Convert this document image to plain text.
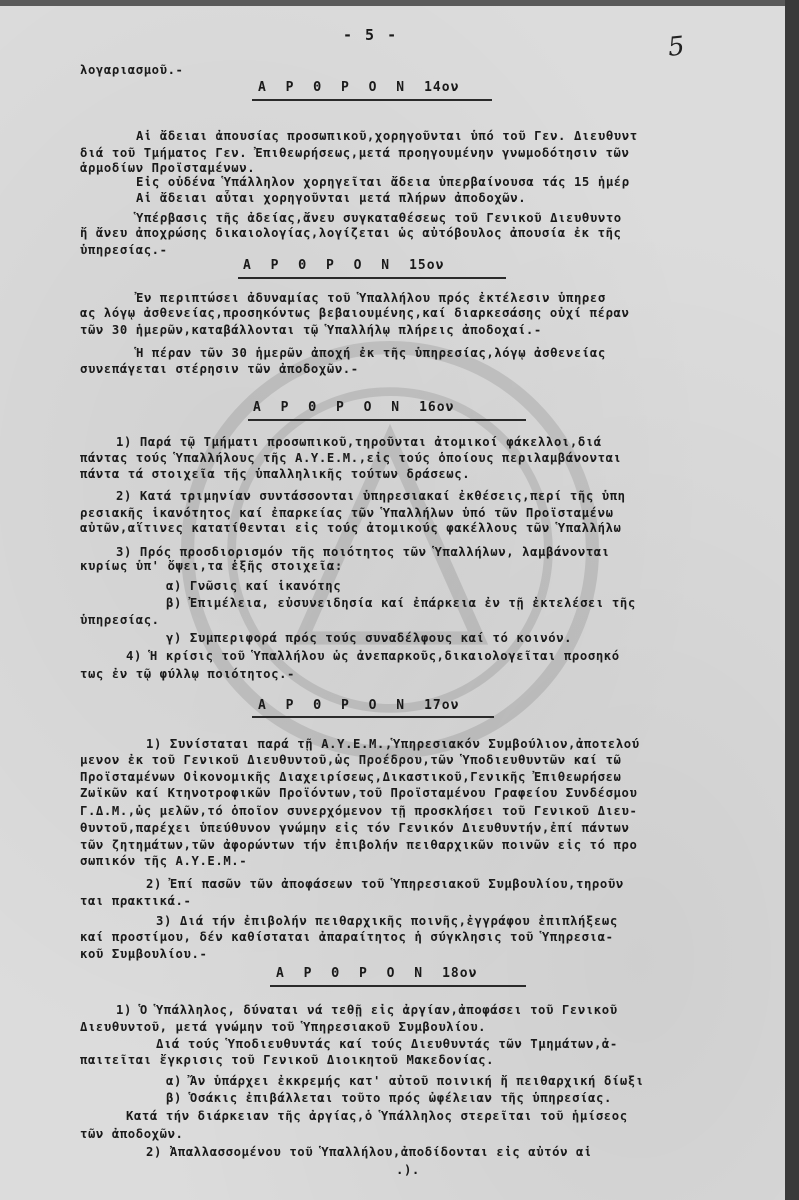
- 5 -	5
λογαριασμοῦ.-
Α Ρ Θ Ρ Ο Ν 14ον
Αἱ ἄδειαι ἀπουσίας προσωπικοῦ,χορηγοῦνται ὑπό τοῦ Γεν. Διευθυντ
διά τοῦ Τμήματος Γεν. Ἐπιθεωρήσεως,μετά προηγουμένην γνωμοδότησιν τῶν
ἁρμοδίων Προϊσταμένων.
Εἰς οὐδένα Ὑπάλληλον χορηγεῖται ἄδεια ὑπερβαίνουσα τάς 15 ἡμέρ
Αἱ ἄδειαι αὗται χορηγοῦνται μετά πλήρων ἀποδοχῶν.
Ὑπέρβασις τῆς ἀδείας,ἄνευ συγκαταθέσεως τοῦ Γενικοῦ Διευθυντο
ἤ ἄνευ ἀποχρώσης δικαιολογίας,λογίζεται ὡς αὐτόβουλος ἀπουσία ἐκ τῆς
ὑπηρεσίας.-
Α Ρ Θ Ρ Ο Ν 15ον
Ἐν περιπτώσει ἀδυναμίας τοῦ Ὑπαλλήλου πρός ἐκτέλεσιν ὑπηρεσ
ας λόγῳ ἀσθενείας,προσηκόντως βεβαιουμένης,καί διαρκεσάσης οὐχί πέραν
τῶν 30 ἡμερῶν,καταβάλλονται τῷ Ὑπαλλήλῳ πλήρεις ἀποδοχαί.-
Ἡ πέραν τῶν 30 ἡμερῶν ἀποχή ἐκ τῆς ὑπηρεσίας,λόγῳ ἀσθενείας
συνεπάγεται στέρησιν τῶν ἀποδοχῶν.-
Α Ρ Θ Ρ Ο Ν 16ον
1) Παρά τῷ Τμήματι προσωπικοῦ,τηροῦνται ἀτομικοί φάκελλοι,διά
πάντας τούς Ὑπαλλήλους τῆς Α.Υ.Ε.Μ.,εἰς τούς ὁποίους περιλαμβάνονται
πάντα τά στοιχεῖα τῆς ὑπαλληλικῆς τούτων δράσεως.
2) Κατά τριμηνίαν συντάσσονται ὑπηρεσιακαί ἐκθέσεις,περί τῆς ὑπη
ρεσιακῆς ἱκανότητος καί ἐπαρκείας τῶν Ὑπαλλήλων ὑπό τῶν Προϊσταμένω
αὐτῶν,αἵτινες κατατίθενται εἰς τούς ἀτομικούς φακέλλους τῶν Ὑπαλλήλω
3) Πρός προσδιορισμόν τῆς ποιότητος τῶν Ὑπαλλήλων, λαμβάνονται
κυρίως ὑπ' ὄψει,τα ἑξῆς στοιχεῖα:
α) Γνῶσις καί ἱκανότης
β) Ἐπιμέλεια, εὐσυνειδησία καί ἐπάρκεια ἐν τῇ ἐκτελέσει τῆς
ὑπηρεσίας.
γ) Συμπεριφορά πρός τούς συναδέλφους καί τό κοινόν.
4) Ἡ κρίσις τοῦ Ὑπαλλήλου ὡς ἀνεπαρκοῦς,δικαιολογεῖται προσηκό
τως ἐν τῷ φύλλῳ ποιότητος.-
Α Ρ Θ Ρ Ο Ν 17ον
1) Συνίσταται παρά τῇ Α.Υ.Ε.Μ.,Ὑπηρεσιακόν Συμβούλιον,ἀποτελού
μενον ἐκ τοῦ Γενικοῦ Διευθυντοῦ,ὡς Προέδρου,τῶν Ὑποδιευθυντῶν καί τῶ
Προϊσταμένων Οἰκονομικῆς Διαχειρίσεως,Δικαστικοῦ,Γενικῆς Ἐπιθεωρήσεω
Ζωϊκῶν καί Κτηνοτροφικῶν Προϊόντων,τοῦ Προϊσταμένου Γραφείου Συνδέσμου
Γ.Δ.Μ.,ὡς μελῶν,τό ὁποῖον συνερχόμενον τῇ προσκλήσει τοῦ Γενικοῦ Διευ-
θυντοῦ,παρέχει ὑπεύθυνον γνώμην εἰς τόν Γενικόν Διευθυντήν,ἐπί πάντων
τῶν ζητημάτων,τῶν ἀφορώντων τήν ἐπιβολήν πειθαρχικῶν ποινῶν εἰς τό προ
σωπικόν τῆς Α.Υ.Ε.Μ.-
2) Ἐπί πασῶν τῶν ἀποφάσεων τοῦ Ὑπηρεσιακοῦ Συμβουλίου,τηροῦν
ται πρακτικά.-
3) Διά τήν ἐπιβολήν πειθαρχικῆς ποινῆς,ἐγγράφου ἐπιπλήξεως
καί προστίμου, δέν καθίσταται ἀπαραίτητος ἡ σύγκλησις τοῦ Ὑπηρεσια-
κοῦ Συμβουλίου.-
Α Ρ Θ Ρ Ο Ν 18ον
1) Ὁ Ὑπάλληλος, δύναται νά τεθῇ εἰς ἀργίαν,ἀποφάσει τοῦ Γενικοῦ
Διευθυντοῦ, μετά γνώμην τοῦ Ὑπηρεσιακοῦ Συμβουλίου.
Διά τούς Ὑποδιευθυντάς καί τούς Διευθυντάς τῶν Τμημάτων,ἀ-
παιτεῖται ἔγκρισις τοῦ Γενικοῦ Διοικητοῦ Μακεδονίας.
α) Ἄν ὑπάρχει ἐκκρεμής κατ' αὐτοῦ ποινική ἤ πειθαρχική δίωξι
β) Ὁσάκις ἐπιβάλλεται τοῦτο πρός ὠφέλειαν τῆς ὑπηρεσίας.
Κατά τήν διάρκειαν τῆς ἀργίας,ὁ Ὑπάλληλος στερεῖται τοῦ ἡμίσεος
τῶν ἀποδοχῶν.
2) Ἀπαλλασσομένου τοῦ Ὑπαλλήλου,ἀποδίδονται εἰς αὐτόν αἱ
.).
